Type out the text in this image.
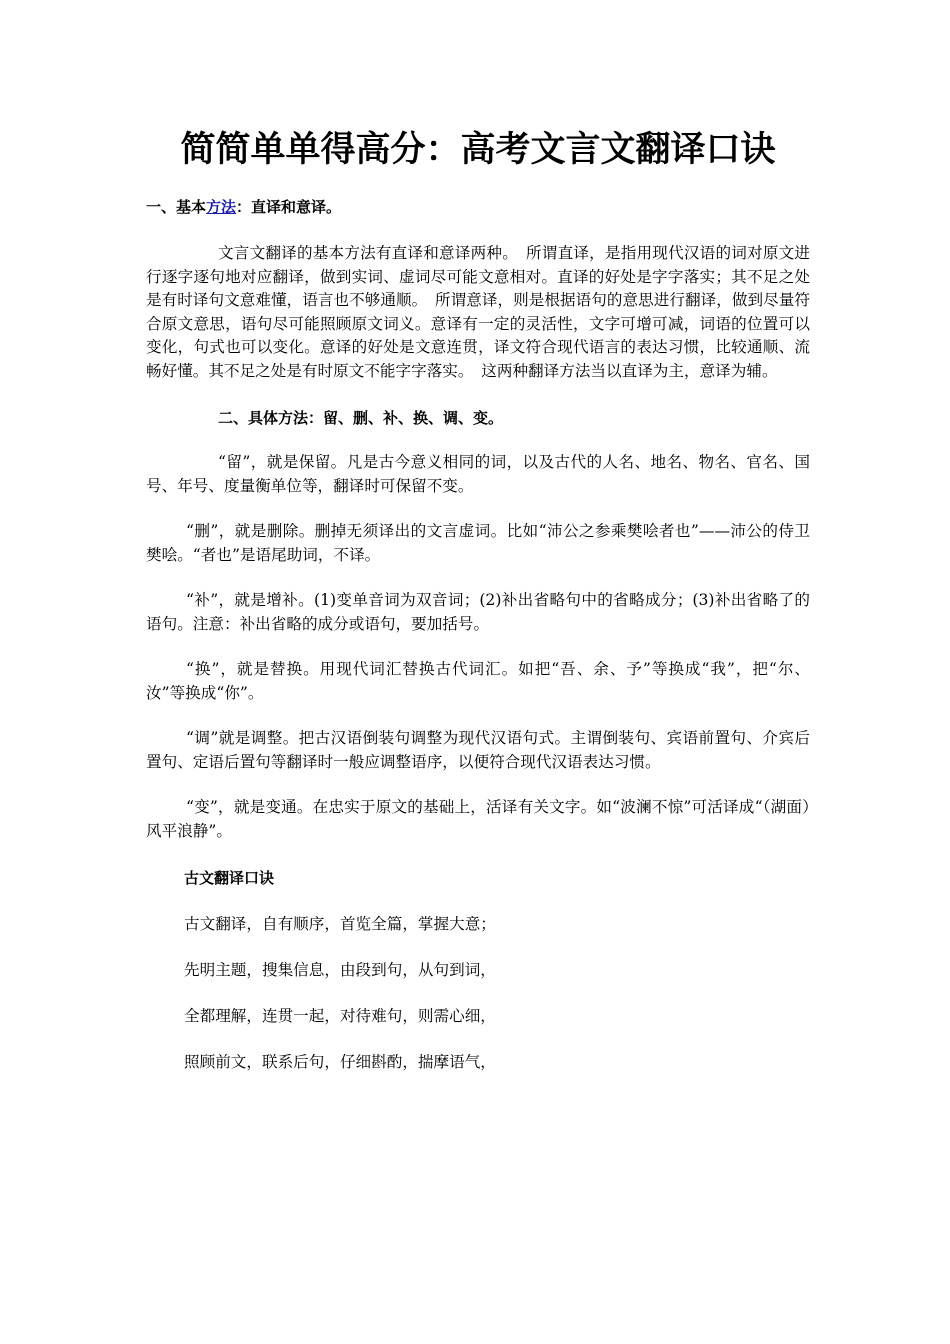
简简单单得高分：高考文言文翻译口诀
一、基本方法：直译和意译。

文言文翻译的基本方法有直译和意译两种。　所谓直译，是指用现代汉语的词对原文进行逐字逐句地对应翻译，做到实词、虚词尽可能文意相对。直译的好处是字字落实；其不足之处是有时译句文意难懂，语言也不够通顺。　所谓意译，则是根据语句的意思进行翻译，做到尽量符合原文意思，语句尽可能照顾原文词义。意译有一定的灵活性，文字可增可减，词语的位置可以变化，句式也可以变化。意译的好处是文意连贯，译文符合现代语言的表达习惯，比较通顺、流畅好懂。其不足之处是有时原文不能字字落实。　这两种翻译方法当以直译为主，意译为辅。

二、具体方法：留、删、补、换、调、变。

“留”，就是保留。凡是古今意义相同的词，以及古代的人名、地名、物名、官名、国号、年号、度量衡单位等，翻译时可保留不变。

“删”，就是删除。删掉无须译出的文言虚词。比如“沛公之参乘樊哙者也”——沛公的侍卫樊哙。“者也”是语尾助词，不译。

“补”，就是增补。(1)变单音词为双音词；(2)补出省略句中的省略成分；(3)补出省略了的语句。注意：补出省略的成分或语句，要加括号。

“换”，就是替换。用现代词汇替换古代词汇。如把“吾、余、予”等换成“我”，把“尔、汝”等换成“你”。

“调”就是调整。把古汉语倒装句调整为现代汉语句式。主谓倒装句、宾语前置句、介宾后置句、定语后置句等翻译时一般应调整语序，以便符合现代汉语表达习惯。

“变”，就是变通。在忠实于原文的基础上，活译有关文字。如“波澜不惊”可活译成“（湖面）风平浪静”。

古文翻译口诀
古文翻译，自有顺序，首览全篇，掌握大意；
先明主题，搜集信息，由段到句，从句到词，
全都理解，连贯一起，对待难句，则需心细，
照顾前文，联系后句，仔细斟酌，揣摩语气，
